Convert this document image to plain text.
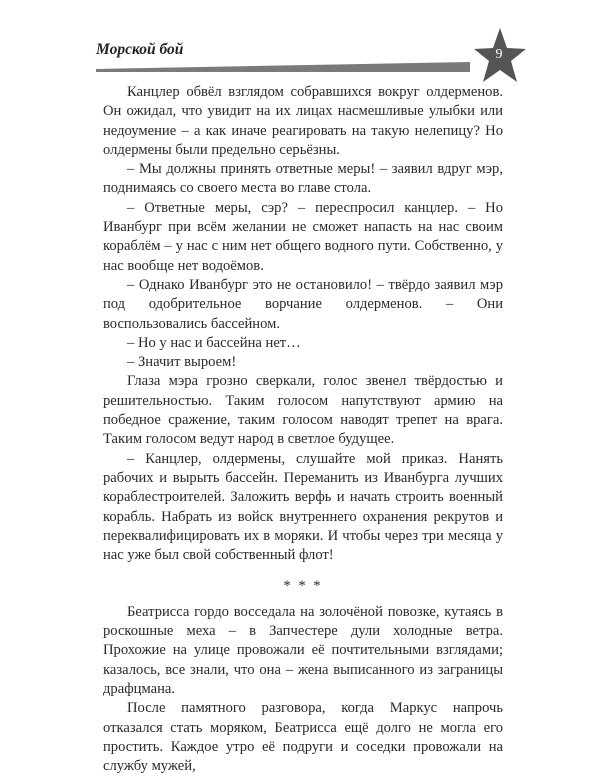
Морской бой	9

Канцлер обвёл взглядом собравшихся вокруг олдерменов. Он ожидал, что увидит на их лицах насмешливые улыбки или недоумение – а как иначе реагировать на такую нелепицу? Но олдермены были предельно серьёзны.

– Мы должны принять ответные меры! – заявил вдруг мэр, поднимаясь со своего места во главе стола.

– Ответные меры, сэр? – переспросил канцлер. – Но Иванбург при всём желании не сможет напасть на нас своим кораблём – у нас с ним нет общего водного пути. Собственно, у нас вообще нет водоёмов.

– Однако Иванбург это не остановило! – твёрдо заявил мэр под одобрительное ворчание олдерменов. – Они воспользовались бассейном.

– Но у нас и бассейна нет…

– Значит выроем!

Глаза мэра грозно сверкали, голос звенел твёрдостью и решительностью. Таким голосом напутствуют армию на победное сражение, таким голосом наводят трепет на врага. Таким голосом ведут народ в светлое будущее.

– Канцлер, олдермены, слушайте мой приказ. Нанять рабочих и вырыть бассейн. Переманить из Иванбурга лучших кораблестроителей. Заложить верфь и начать строить военный корабль. Набрать из войск внутреннего охранения рекрутов и переквалифицировать их в моряки. И чтобы через три месяца у нас уже был свой собственный флот!

* * *

Беатрисса гордо восседала на золочёной повозке, кутаясь в роскошные меха – в Запчестере дули холодные ветра. Прохожие на улице провожали её почтительными взглядами; казалось, все знали, что она – жена выписанного из заграницы драфцмана.

После памятного разговора, когда Маркус напрочь отказался стать моряком, Беатрисса ещё долго не могла его простить. Каждое утро её подруги и соседки провожали на службу мужей,
